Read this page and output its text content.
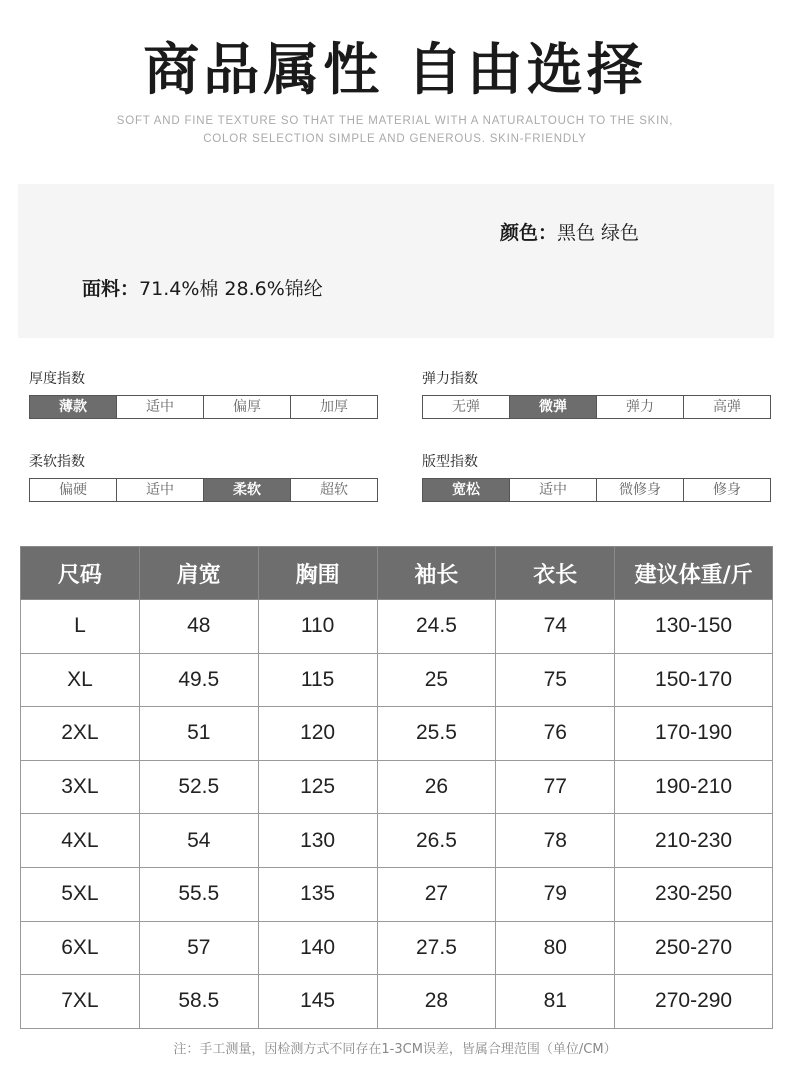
商品属性 自由选择
SOFT AND FINE TEXTURE SO THAT THE MATERIAL WITH A NATURALTOUCH TO THE SKIN,
COLOR SELECTION SIMPLE AND GENEROUS. SKIN-FRIENDLY
颜色：黑色 绿色
面料：71.4%棉 28.6%锦纶
厚度指数
薄款	适中	偏厚	加厚
弹力指数
无弹	微弹	弹力	高弹
柔软指数
偏硬	适中	柔软	超软
版型指数
宽松	适中	微修身	修身
尺码	肩宽	胸围	袖长	衣长	建议体重/斤
L	48	110	24.5	74	130-150
XL	49.5	115	25	75	150-170
2XL	51	120	25.5	76	170-190
3XL	52.5	125	26	77	190-210
4XL	54	130	26.5	78	210-230
5XL	55.5	135	27	79	230-250
6XL	57	140	27.5	80	250-270
7XL	58.5	145	28	81	270-290
注：手工测量，因检测方式不同存在1-3CM误差，皆属合理范围（单位/CM）
